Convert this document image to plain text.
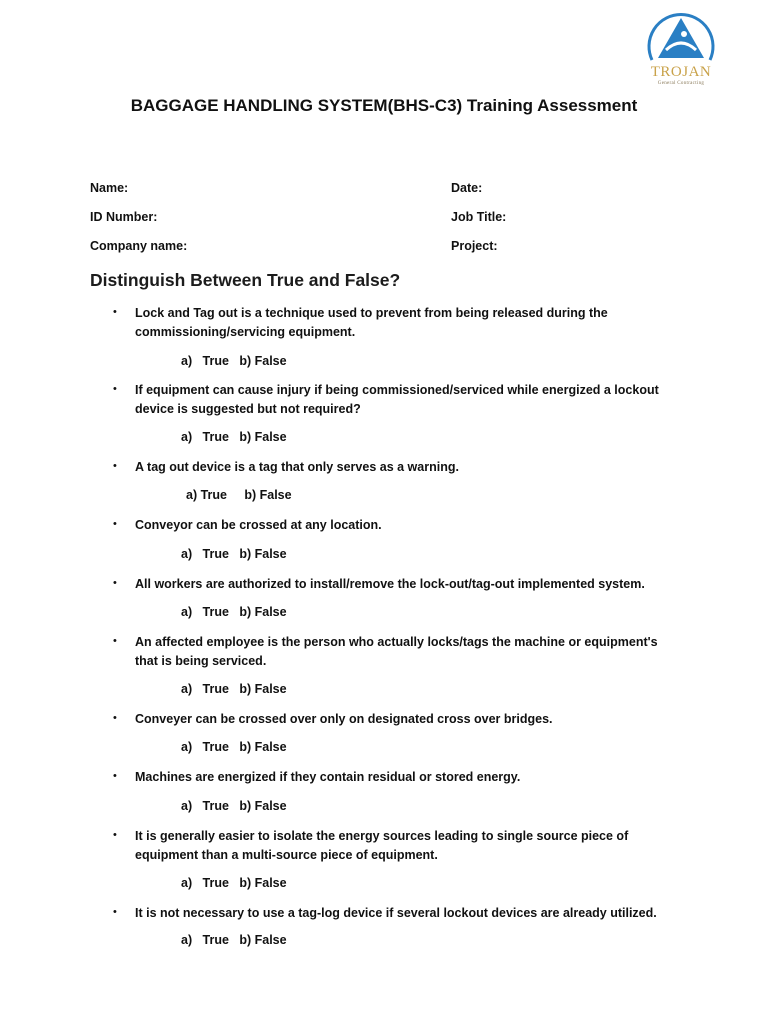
TROJAN
General Contracting
BAGGAGE HANDLING SYSTEM(BHS-C3) Training Assessment
Name:	Date:
ID Number:	Job Title:
Company name:	Project:
Distinguish Between True and False?
• Lock and Tag out is a technique used to prevent from being released during the commissioning/servicing equipment.
a)   True   b) False
• If equipment can cause injury if being commissioned/serviced while energized a lockout device is suggested but not required?
a)   True   b) False
• A tag out device is a tag that only serves as a warning.
a) True     b) False
• Conveyor can be crossed at any location.
a)   True   b) False
• All workers are authorized to install/remove the lock-out/tag-out implemented system.
a)   True   b) False
• An affected employee is the person who actually locks/tags the machine or equipment's that is being serviced.
a)   True   b) False
• Conveyer can be crossed over only on designated cross over bridges.
a)   True   b) False
• Machines are energized if they contain residual or stored energy.
a)   True   b) False
• It is generally easier to isolate the energy sources leading to single source piece of equipment than a multi-source piece of equipment.
a)   True   b) False
• It is not necessary to use a tag-log device if several lockout devices are already utilized.
a)   True   b) False
